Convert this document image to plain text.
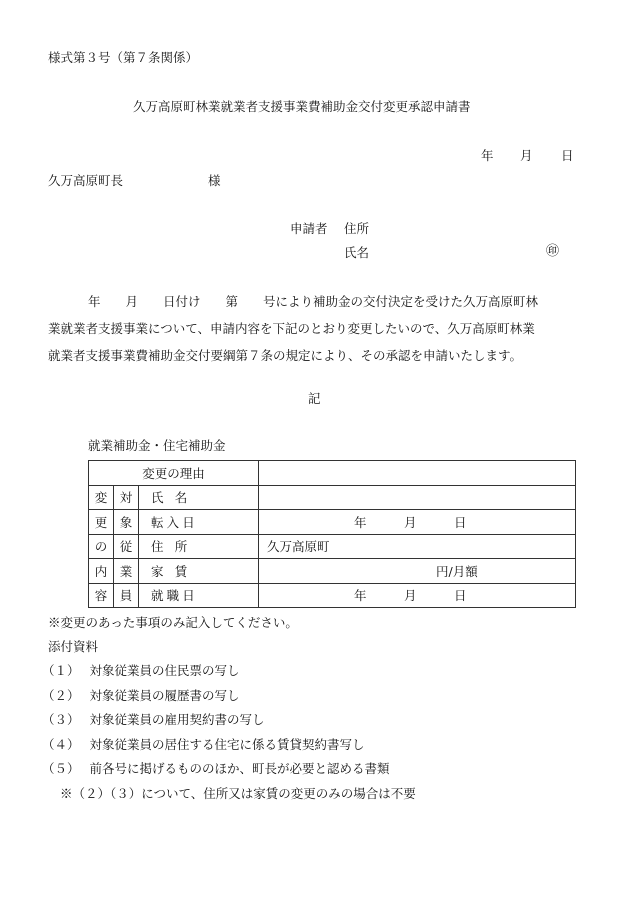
様式第３号（第７条関係）
久万高原町林業就業者支援事業費補助金交付変更承認申請書
年 月 日
久万高原町長	様
申請者 住所
氏名	㊞
年　　月　　日付け　　第　　号により補助金の交付決定を受けた久万高原町林
業就業者支援事業について、申請内容を下記のとおり変更したいので、久万高原町林業
就業者支援事業費補助金交付要綱第７条の規定により、その承認を申請いたします。
記
就業補助金・住宅補助金
変更の理由			
変	対	氏名	
更	象	転入日	年　　　月　　　日
の	従	住所	久万高原町
内	業	家賃	円/月額
容	員	就職日	年　　　月　　　日
※変更のあった事項のみ記入してください。
添付資料
（１） 対象従業員の住民票の写し
（２） 対象従業員の履歴書の写し
（３） 対象従業員の雇用契約書の写し
（４） 対象従業員の居住する住宅に係る賃貸契約書写し
（５） 前各号に掲げるもののほか、町長が必要と認める書類
※（２）（３）について、住所又は家賃の変更のみの場合は不要
